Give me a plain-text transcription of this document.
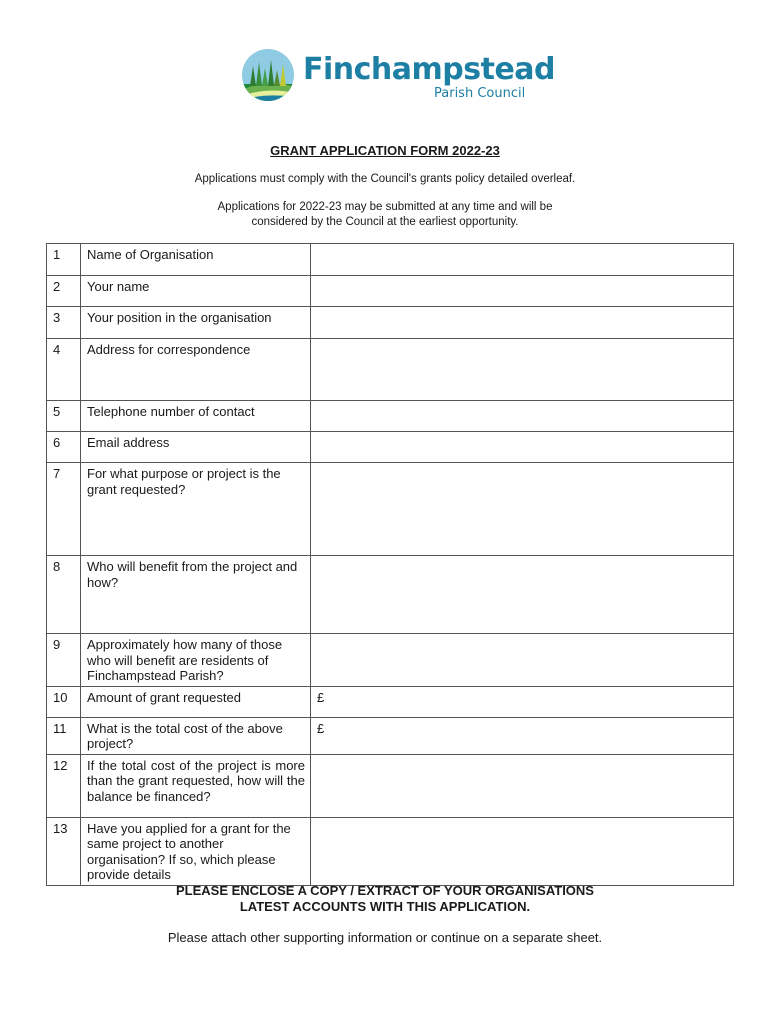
Finchampstead
Parish Council
GRANT APPLICATION FORM 2022-23
Applications must comply with the Council's grants policy detailed overleaf.
Applications for 2022-23 may be submitted at any time and will be
considered by the Council at the earliest opportunity.
1	Name of Organisation	
2	Your name	
3	Your position in the organisation	
4	Address for correspondence	
5	Telephone number of contact	
6	Email address	
7	For what purpose or project is the grant requested?	
8	Who will benefit from the project and how?	
9	Approximately how many of those who will benefit are residents of Finchampstead Parish?	
10	Amount of grant requested	£
11	What is the total cost of the above project?	£
12	If the total cost of the project is more than the grant requested, how will the balance be financed?	
13	Have you applied for a grant for the same project to another organisation? If so, which please provide details	
PLEASE ENCLOSE A COPY / EXTRACT OF YOUR ORGANISATIONS
LATEST ACCOUNTS WITH THIS APPLICATION.
Please attach other supporting information or continue on a separate sheet.
